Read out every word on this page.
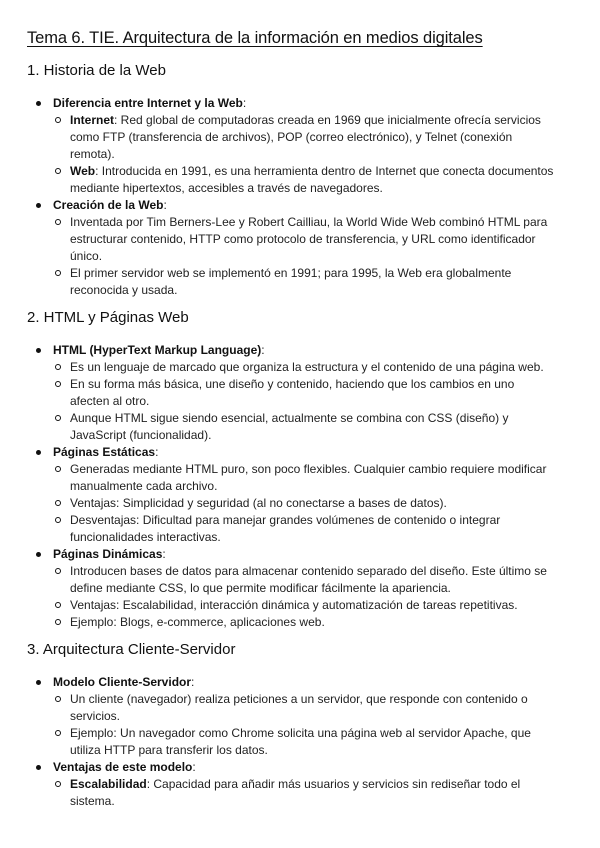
Tema 6. TIE. Arquitectura de la información en medios digitales
1. Historia de la Web
Diferencia entre Internet y la Web:
Internet: Red global de computadoras creada en 1969 que inicialmente ofrecía servicios como FTP (transferencia de archivos), POP (correo electrónico), y Telnet (conexión remota).
Web: Introducida en 1991, es una herramienta dentro de Internet que conecta documentos mediante hipertextos, accesibles a través de navegadores.
Creación de la Web:
Inventada por Tim Berners-Lee y Robert Cailliau, la World Wide Web combinó HTML para estructurar contenido, HTTP como protocolo de transferencia, y URL como identificador único.
El primer servidor web se implementó en 1991; para 1995, la Web era globalmente reconocida y usada.
2. HTML y Páginas Web
HTML (HyperText Markup Language):
Es un lenguaje de marcado que organiza la estructura y el contenido de una página web.
En su forma más básica, une diseño y contenido, haciendo que los cambios en uno afecten al otro.
Aunque HTML sigue siendo esencial, actualmente se combina con CSS (diseño) y JavaScript (funcionalidad).
Páginas Estáticas:
Generadas mediante HTML puro, son poco flexibles. Cualquier cambio requiere modificar manualmente cada archivo.
Ventajas: Simplicidad y seguridad (al no conectarse a bases de datos).
Desventajas: Dificultad para manejar grandes volúmenes de contenido o integrar funcionalidades interactivas.
Páginas Dinámicas:
Introducen bases de datos para almacenar contenido separado del diseño. Este último se define mediante CSS, lo que permite modificar fácilmente la apariencia.
Ventajas: Escalabilidad, interacción dinámica y automatización de tareas repetitivas.
Ejemplo: Blogs, e-commerce, aplicaciones web.
3. Arquitectura Cliente-Servidor
Modelo Cliente-Servidor:
Un cliente (navegador) realiza peticiones a un servidor, que responde con contenido o servicios.
Ejemplo: Un navegador como Chrome solicita una página web al servidor Apache, que utiliza HTTP para transferir los datos.
Ventajas de este modelo:
Escalabilidad: Capacidad para añadir más usuarios y servicios sin rediseñar todo el sistema.
